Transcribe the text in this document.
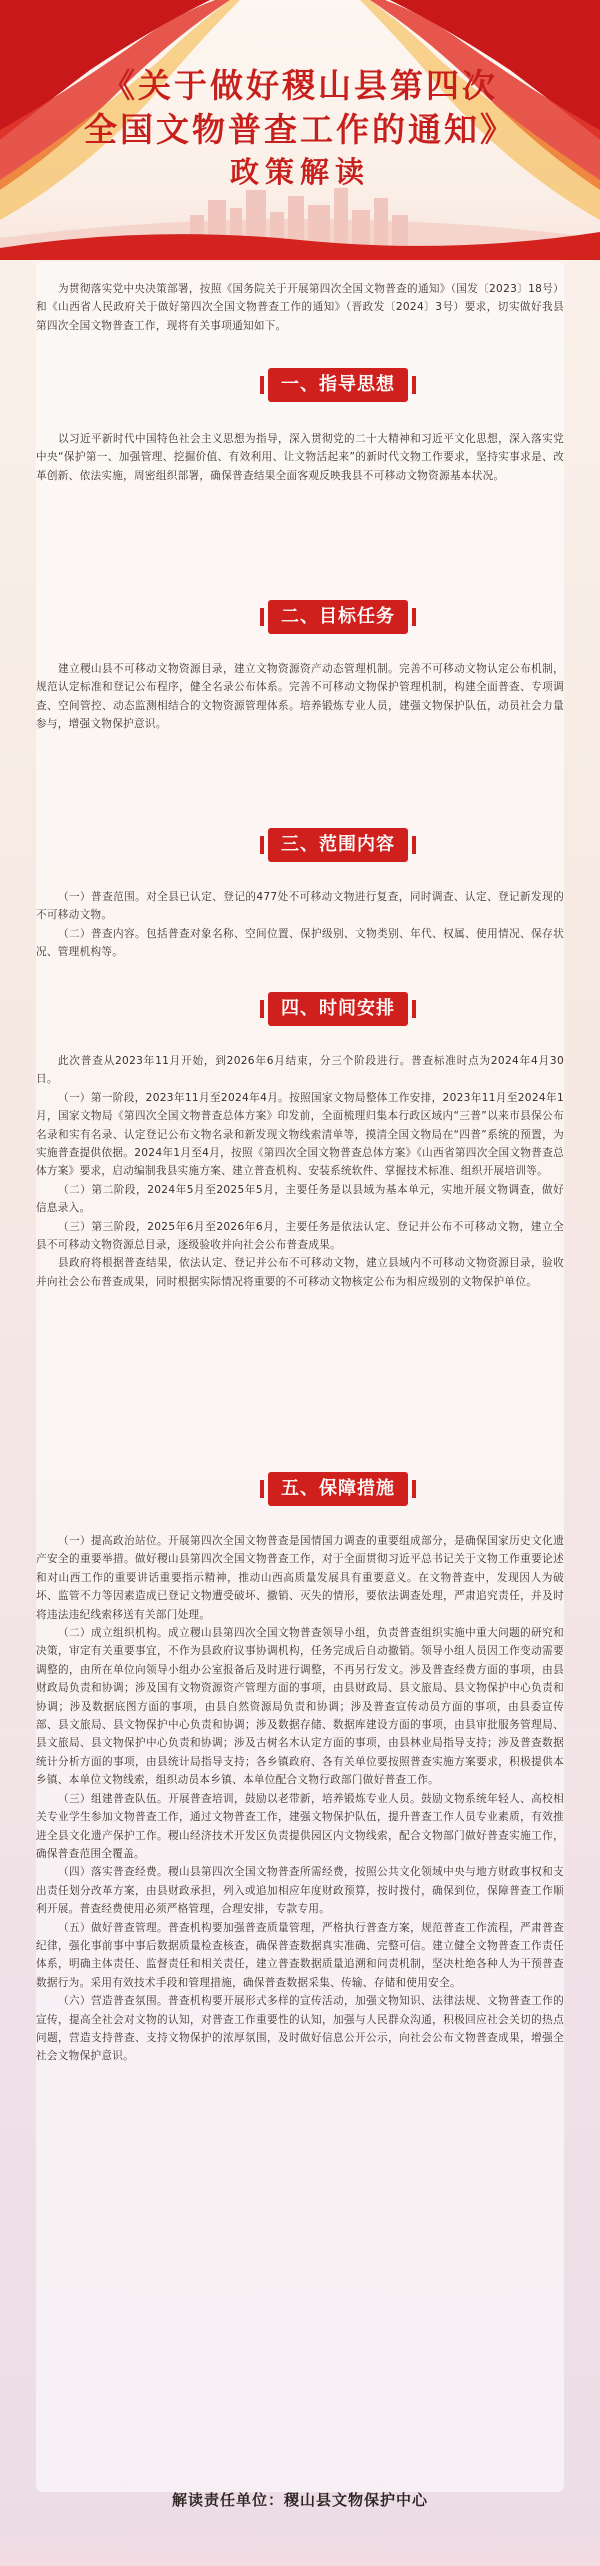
《关于做好稷山县第四次
全国文物普查工作的通知》
政策解读

为贯彻落实党中央决策部署，按照《国务院关于开展第四次全国文物普查的通知》（国发〔2023〕18号）和《山西省人民政府关于做好第四次全国文物普查工作的通知》（晋政发〔2024〕3号）要求，切实做好我县第四次全国文物普查工作，现将有关事项通知如下。

一、指导思想

以习近平新时代中国特色社会主义思想为指导，深入贯彻党的二十大精神和习近平文化思想，深入落实党中央“保护第一、加强管理、挖掘价值、有效利用、让文物活起来”的新时代文物工作要求，坚持实事求是、改革创新、依法实施，周密组织部署，确保普查结果全面客观反映我县不可移动文物资源基本状况。

二、目标任务

建立稷山县不可移动文物资源目录，建立文物资源资产动态管理机制。完善不可移动文物认定公布机制，规范认定标准和登记公布程序，健全名录公布体系。完善不可移动文物保护管理机制，构建全面普查、专项调查、空间管控、动态监测相结合的文物资源管理体系。培养锻炼专业人员，建强文物保护队伍，动员社会力量参与，增强文物保护意识。

三、范围内容

（一）普查范围。对全县已认定、登记的477处不可移动文物进行复查，同时调查、认定、登记新发现的不可移动文物。

（二）普查内容。包括普查对象名称、空间位置、保护级别、文物类别、年代、权属、使用情况、保存状况、管理机构等。

四、时间安排

此次普查从2023年11月开始，到2026年6月结束，分三个阶段进行。普查标准时点为2024年4月30日。

（一）第一阶段，2023年11月至2024年4月。按照国家文物局整体工作安排，2023年11月至2024年1月，国家文物局《第四次全国文物普查总体方案》印发前，全面梳理归集本行政区域内“三普”以来市县保公布名录和实有名录、认定登记公布文物名录和新发现文物线索清单等，摸清全国文物局在“四普”系统的预置，为实施普查提供依据。2024年1月至4月，按照《第四次全国文物普查总体方案》《山西省第四次全国文物普查总体方案》要求，启动编制我县实施方案、建立普查机构、安装系统软件、掌握技术标准、组织开展培训等。

（二）第二阶段，2024年5月至2025年5月，主要任务是以县域为基本单元，实地开展文物调查，做好信息录入。

（三）第三阶段，2025年6月至2026年6月，主要任务是依法认定、登记并公布不可移动文物，建立全县不可移动文物资源总目录，逐级验收并向社会公布普查成果。

县政府将根据普查结果，依法认定、登记并公布不可移动文物，建立县域内不可移动文物资源目录，验收并向社会公布普查成果，同时根据实际情况将重要的不可移动文物核定公布为相应级别的文物保护单位。

五、保障措施

（一）提高政治站位。开展第四次全国文物普查是国情国力调查的重要组成部分，是确保国家历史文化遗产安全的重要举措。做好稷山县第四次全国文物普查工作，对于全面贯彻习近平总书记关于文物工作重要论述和对山西工作的重要讲话重要指示精神，推动山西高质量发展具有重要意义。在文物普查中，发现因人为破坏、监管不力等因素造成已登记文物遭受破坏、撤销、灭失的情形，要依法调查处理，严肃追究责任，并及时将违法违纪线索移送有关部门处理。

（二）成立组织机构。成立稷山县第四次全国文物普查领导小组，负责普查组织实施中重大问题的研究和决策，审定有关重要事宜，不作为县政府议事协调机构，任务完成后自动撤销。领导小组人员因工作变动需要调整的，由所在单位向领导小组办公室报备后及时进行调整，不再另行发文。涉及普查经费方面的事项，由县财政局负责和协调；涉及国有文物资源资产管理方面的事项，由县财政局、县文旅局、县文物保护中心负责和协调；涉及数据底图方面的事项，由县自然资源局负责和协调；涉及普查宣传动员方面的事项，由县委宣传部、县文旅局、县文物保护中心负责和协调；涉及数据存储、数据库建设方面的事项，由县审批服务管理局、县文旅局、县文物保护中心负责和协调；涉及古树名木认定方面的事项，由县林业局指导支持；涉及普查数据统计分析方面的事项，由县统计局指导支持；各乡镇政府、各有关单位要按照普查实施方案要求，积极提供本乡镇、本单位文物线索，组织动员本乡镇、本单位配合文物行政部门做好普查工作。

（三）组建普查队伍。开展普查培训，鼓励以老带新，培养锻炼专业人员。鼓励文物系统年轻人、高校相关专业学生参加文物普查工作，通过文物普查工作，建强文物保护队伍，提升普查工作人员专业素质，有效推进全县文化遗产保护工作。稷山经济技术开发区负责提供园区内文物线索，配合文物部门做好普查实施工作，确保普查范围全覆盖。

（四）落实普查经费。稷山县第四次全国文物普查所需经费，按照公共文化领域中央与地方财政事权和支出责任划分改革方案，由县财政承担，列入或追加相应年度财政预算，按时拨付，确保到位，保障普查工作顺利开展。普查经费使用必须严格管理，合理安排，专款专用。

（五）做好普查管理。普查机构要加强普查质量管理，严格执行普查方案，规范普查工作流程，严肃普查纪律，强化事前事中事后数据质量检查核查，确保普查数据真实准确、完整可信。建立健全文物普查工作责任体系，明确主体责任、监督责任和相关责任，建立普查数据质量追溯和问责机制，坚决杜绝各种人为干预普查数据行为。采用有效技术手段和管理措施，确保普查数据采集、传输、存储和使用安全。

（六）营造普查氛围。普查机构要开展形式多样的宣传活动，加强文物知识、法律法规、文物普查工作的宣传，提高全社会对文物的认知，对普查工作重要性的认知，加强与人民群众沟通，积极回应社会关切的热点问题，营造支持普查、支持文物保护的浓厚氛围，及时做好信息公开公示，向社会公布文物普查成果，增强全社会文物保护意识。

解读责任单位：稷山县文物保护中心
